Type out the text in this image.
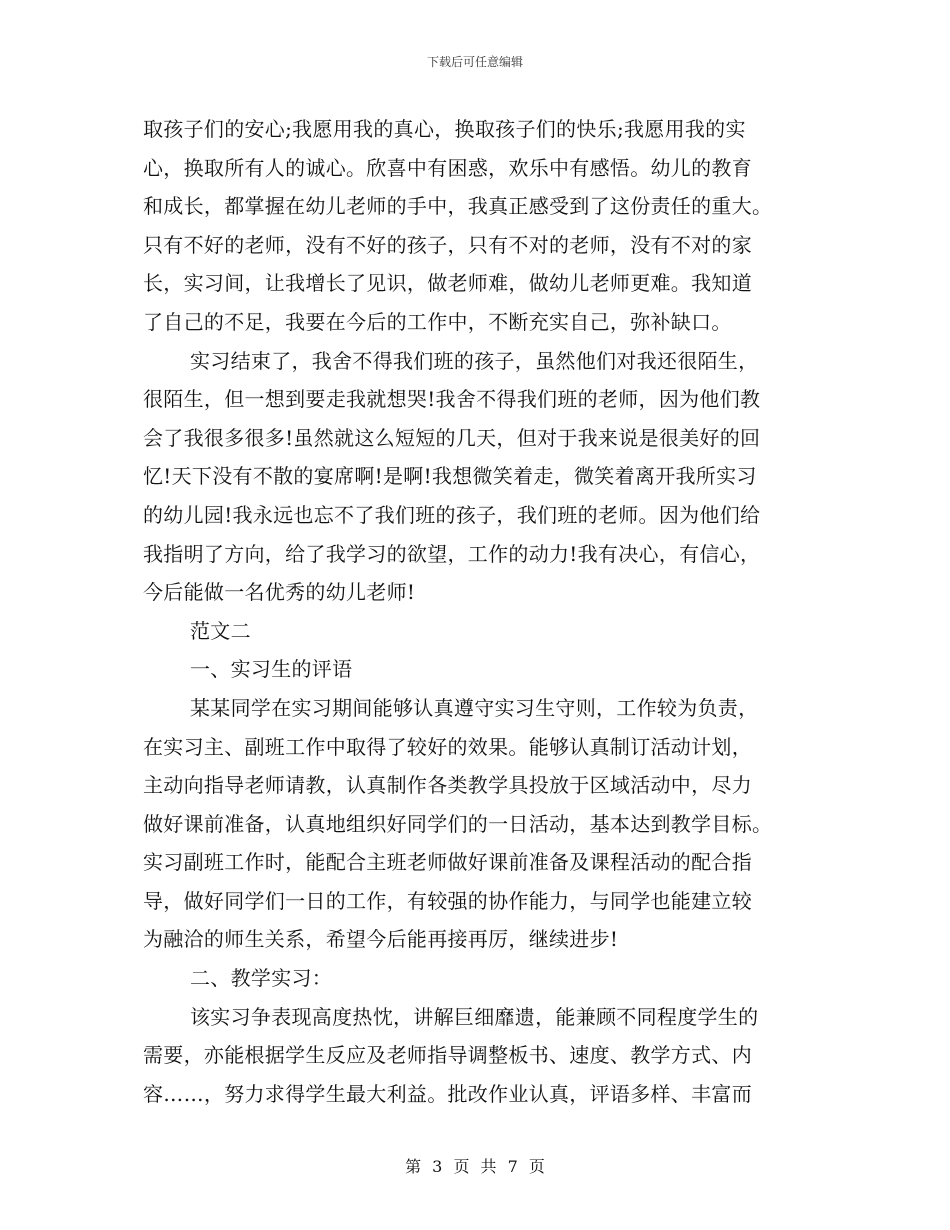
下载后可任意编辑
取孩子们的安心;我愿用我的真心，换取孩子们的快乐;我愿用我的实
心，换取所有人的诚心。欣喜中有困惑，欢乐中有感悟。幼儿的教育
和成长，都掌握在幼儿老师的手中，我真正感受到了这份责任的重大。
只有不好的老师，没有不好的孩子，只有不对的老师，没有不对的家
长，实习间，让我增长了见识，做老师难，做幼儿老师更难。我知道
了自己的不足，我要在今后的工作中，不断充实自己，弥补缺口。
实习结束了，我舍不得我们班的孩子，虽然他们对我还很陌生，
很陌生，但一想到要走我就想哭!我舍不得我们班的老师，因为他们教
会了我很多很多!虽然就这么短短的几天，但对于我来说是很美好的回
忆!天下没有不散的宴席啊!是啊!我想微笑着走，微笑着离开我所实习
的幼儿园!我永远也忘不了我们班的孩子，我们班的老师。因为他们给
我指明了方向，给了我学习的欲望，工作的动力!我有决心，有信心，
今后能做一名优秀的幼儿老师!
范文二
一、实习生的评语
某某同学在实习期间能够认真遵守实习生守则，工作较为负责，
在实习主、副班工作中取得了较好的效果。能够认真制订活动计划，
主动向指导老师请教，认真制作各类教学具投放于区域活动中，尽力
做好课前准备，认真地组织好同学们的一日活动，基本达到教学目标。
实习副班工作时，能配合主班老师做好课前准备及课程活动的配合指
导，做好同学们一日的工作，有较强的协作能力，与同学也能建立较
为融洽的师生关系，希望今后能再接再厉，继续进步!
二、教学实习：
该实习争表现高度热忱，讲解巨细靡遗，能兼顾不同程度学生的
需要，亦能根据学生反应及老师指导调整板书、速度、教学方式、内
容……，努力求得学生最大利益。批改作业认真，评语多样、丰富而
第 3 页 共 7 页
